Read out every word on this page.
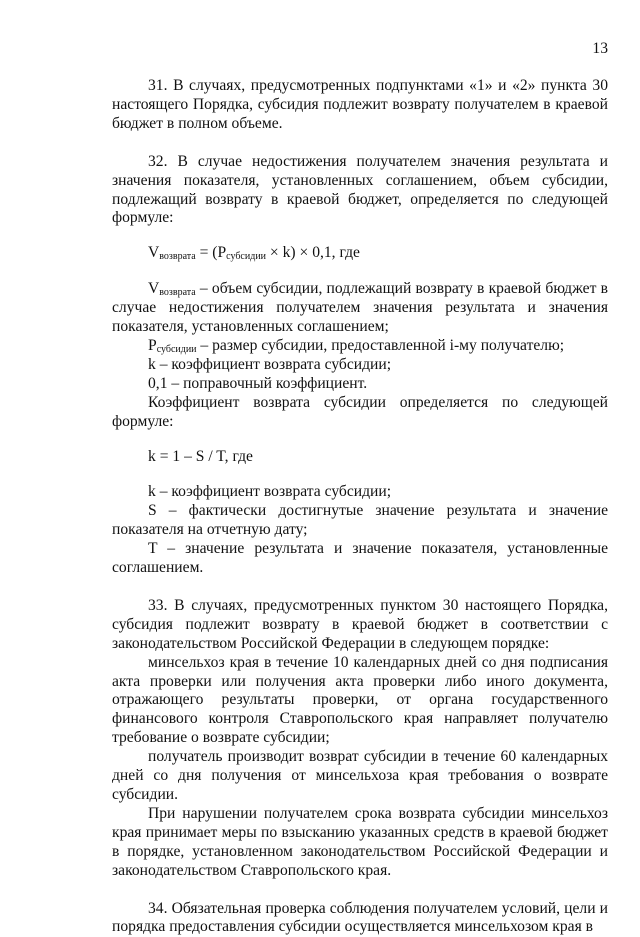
13

31. В случаях, предусмотренных подпунктами «1» и «2» пункта 30 настоящего Порядка, субсидия подлежит возврату получателем в краевой бюджет в полном объеме.

32. В случае недостижения получателем значения результата и значения показателя, установленных соглашением, объем субсидии, подлежащий возврату в краевой бюджет, определяется по следующей формуле:

$V_{возврата} = (P_{субсидии} \times k) \times 0,1$, где

$V_{возврата}$ – объем субсидии, подлежащий возврату в краевой бюджет в случае недостижения получателем значения результата и значения показателя, установленных соглашением;

$P_{субсидии}$ – размер субсидии, предоставленной i-му получателю;

k – коэффициент возврата субсидии;

0,1 – поправочный коэффициент.

Коэффициент возврата субсидии определяется по следующей формуле:

k = 1 – S / T, где

k – коэффициент возврата субсидии;

S – фактически достигнутые значение результата и значение показателя на отчетную дату;

T – значение результата и значение показателя, установленные соглашением.

33. В случаях, предусмотренных пунктом 30 настоящего Порядка, субсидия подлежит возврату в краевой бюджет в соответствии с законодательством Российской Федерации в следующем порядке:

минсельхоз края в течение 10 календарных дней со дня подписания акта проверки или получения акта проверки либо иного документа, отражающего результаты проверки, от органа государственного финансового контроля Ставропольского края направляет получателю требование о возврате субсидии;

получатель производит возврат субсидии в течение 60 календарных дней со дня получения от минсельхоза края требования о возврате субсидии.

При нарушении получателем срока возврата субсидии минсельхоз края принимает меры по взысканию указанных средств в краевой бюджет в порядке, установленном законодательством Российской Федерации и законодательством Ставропольского края.

34. Обязательная проверка соблюдения получателем условий, цели и порядка предоставления субсидии осуществляется минсельхозом края в
